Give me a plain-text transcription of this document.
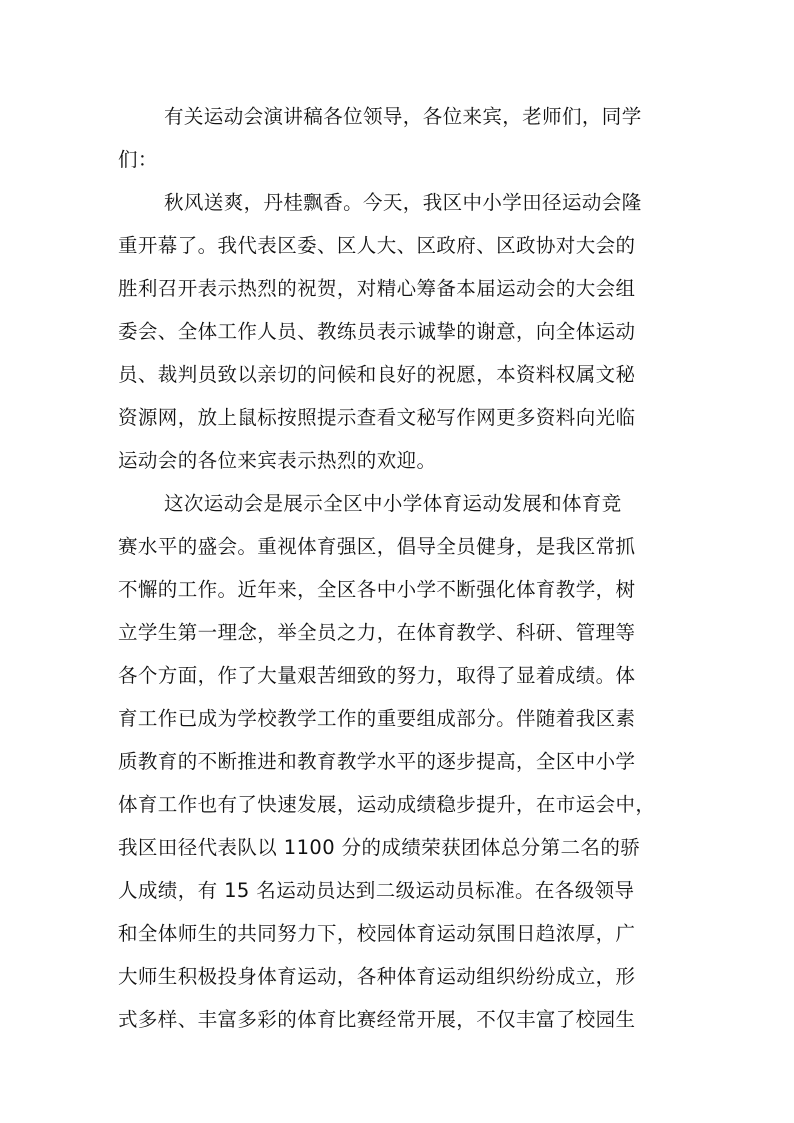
有关运动会演讲稿各位领导，各位来宾，老师们，同学
们：
秋风送爽，丹桂飘香。今天，我区中小学田径运动会隆
重开幕了。我代表区委、区人大、区政府、区政协对大会的
胜利召开表示热烈的祝贺，对精心筹备本届运动会的大会组
委会、全体工作人员、教练员表示诚挚的谢意，向全体运动
员、裁判员致以亲切的问候和良好的祝愿，本资料权属文秘
资源网，放上鼠标按照提示查看文秘写作网更多资料向光临
运动会的各位来宾表示热烈的欢迎。
这次运动会是展示全区中小学体育运动发展和体育竞
赛水平的盛会。重视体育强区，倡导全员健身，是我区常抓
不懈的工作。近年来，全区各中小学不断强化体育教学，树
立学生第一理念，举全员之力，在体育教学、科研、管理等
各个方面，作了大量艰苦细致的努力，取得了显着成绩。体
育工作已成为学校教学工作的重要组成部分。伴随着我区素
质教育的不断推进和教育教学水平的逐步提高，全区中小学
体育工作也有了快速发展，运动成绩稳步提升，在市运会中，
我区田径代表队以 1100 分的成绩荣获团体总分第二名的骄
人成绩，有 15 名运动员达到二级运动员标准。在各级领导
和全体师生的共同努力下，校园体育运动氛围日趋浓厚，广
大师生积极投身体育运动，各种体育运动组织纷纷成立，形
式多样、丰富多彩的体育比赛经常开展，不仅丰富了校园生
